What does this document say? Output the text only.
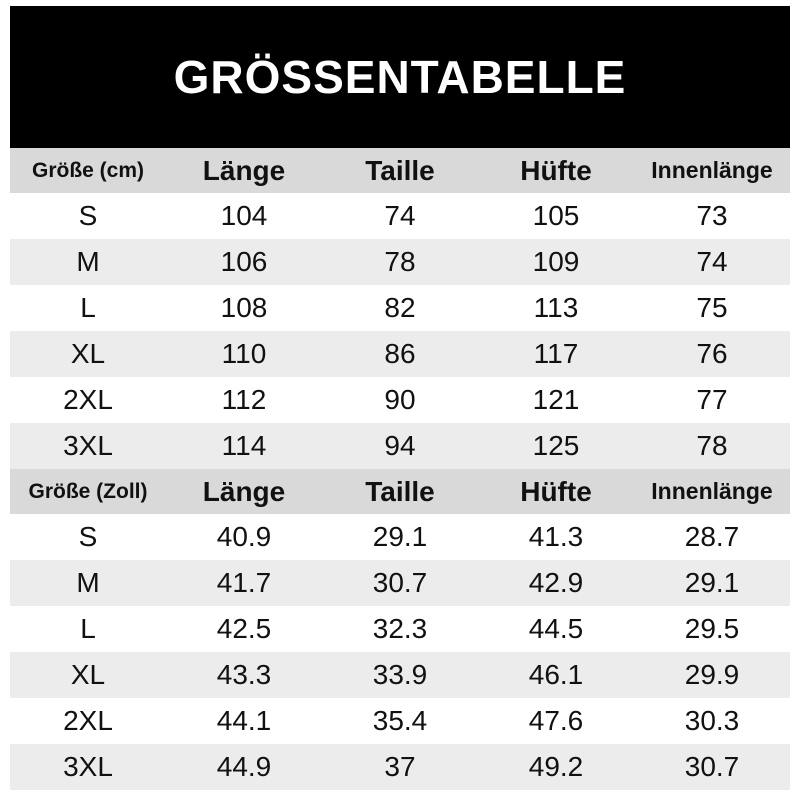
GRÖSSENTABELLE
Größe (cm)	Länge	Taille	Hüfte	Innenlänge
S	104	74	105	73
M	106	78	109	74
L	108	82	113	75
XL	110	86	117	76
2XL	112	90	121	77
3XL	114	94	125	78
Größe (Zoll)	Länge	Taille	Hüfte	Innenlänge
S	40.9	29.1	41.3	28.7
M	41.7	30.7	42.9	29.1
L	42.5	32.3	44.5	29.5
XL	43.3	33.9	46.1	29.9
2XL	44.1	35.4	47.6	30.3
3XL	44.9	37	49.2	30.7
